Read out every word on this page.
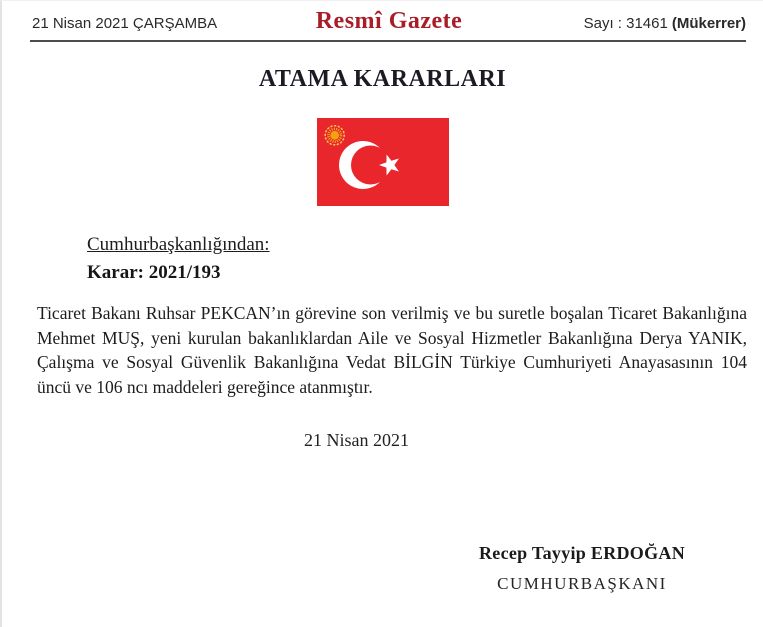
21 Nisan 2021 ÇARŞAMBA	Resmî Gazete	Sayı : 31461 (Mükerrer)
ATAMA KARARLARI
Cumhurbaşkanlığından:
Karar: 2021/193

Ticaret Bakanı Ruhsar PEKCAN’ın görevine son verilmiş ve bu suretle boşalan Ticaret Bakanlığına Mehmet MUŞ, yeni kurulan bakanlıklardan Aile ve Sosyal Hizmetler Bakanlığına Derya YANIK, Çalışma ve Sosyal Güvenlik Bakanlığına Vedat BİLGİN Türkiye Cumhuriyeti Anayasasının 104 üncü ve 106 ncı maddeleri gereğince atanmıştır.

21 Nisan 2021
Recep Tayyip ERDOĞAN
CUMHURBAŞKANI
